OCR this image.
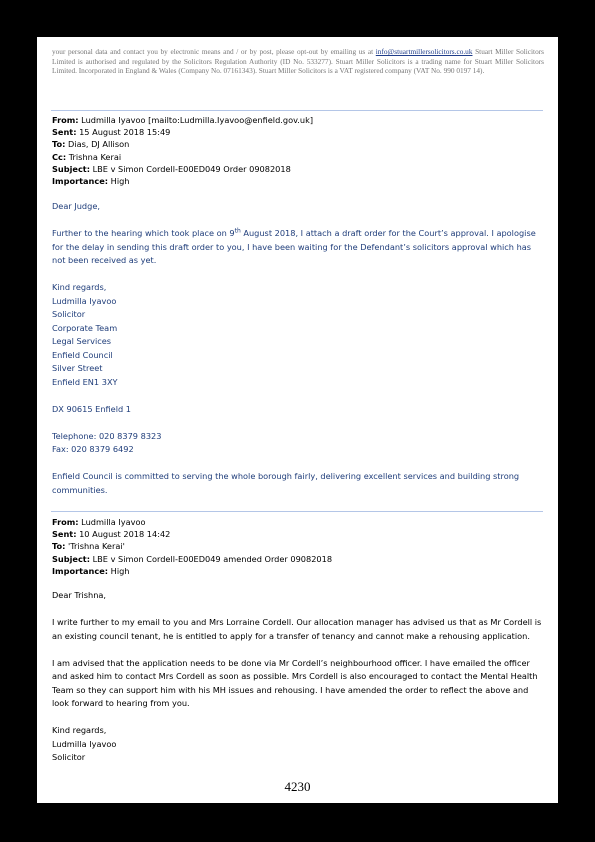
your personal data and contact you by electronic means and / or by post, please opt-out by emailing us at info@stuartmillersolicitors.co.uk Stuart Miller Solicitors Limited is authorised and regulated by the Solicitors Regulation Authority (ID No. 533277). Stuart Miller Solicitors is a trading name for Stuart Miller Solicitors Limited. Incorporated in England & Wales (Company No. 07161343). Stuart Miller Solicitors is a VAT registered company (VAT No. 990 0197 14).
From: Ludmilla Iyavoo [mailto:Ludmilla.Iyavoo@enfield.gov.uk]
Sent: 15 August 2018 15:49
To: Dias, DJ Allison
Cc: Trishna Kerai
Subject: LBE v Simon Cordell-E00ED049 Order 09082018
Importance: High

Dear Judge,

Further to the hearing which took place on 9th August 2018, I attach a draft order for the Court’s approval. I apologise for the delay in sending this draft order to you, I have been waiting for the Defendant’s solicitors approval which has not been received as yet.

Kind regards,

Ludmilla Iyavoo

Solicitor

Corporate Team

Legal Services

Enfield Council

Silver Street

Enfield EN1 3XY

DX 90615 Enfield 1

Telephone: 020 8379 8323

Fax: 020 8379 6492

Enfield Council is committed to serving the whole borough fairly, delivering excellent services and building strong communities.

From: Ludmilla Iyavoo
Sent: 10 August 2018 14:42
To: 'Trishna Kerai'
Subject: LBE v Simon Cordell-E00ED049 amended Order 09082018
Importance: High

Dear Trishna,

I write further to my email to you and Mrs Lorraine Cordell. Our allocation manager has advised us that as Mr Cordell is an existing council tenant, he is entitled to apply for a transfer of tenancy and cannot make a rehousing application.

I am advised that the application needs to be done via Mr Cordell’s neighbourhood officer. I have emailed the officer and asked him to contact Mrs Cordell as soon as possible. Mrs Cordell is also encouraged to contact the Mental Health Team so they can support him with his MH issues and rehousing. I have amended the order to reflect the above and look forward to hearing from you.

Kind regards,

Ludmilla Iyavoo

Solicitor

4230
